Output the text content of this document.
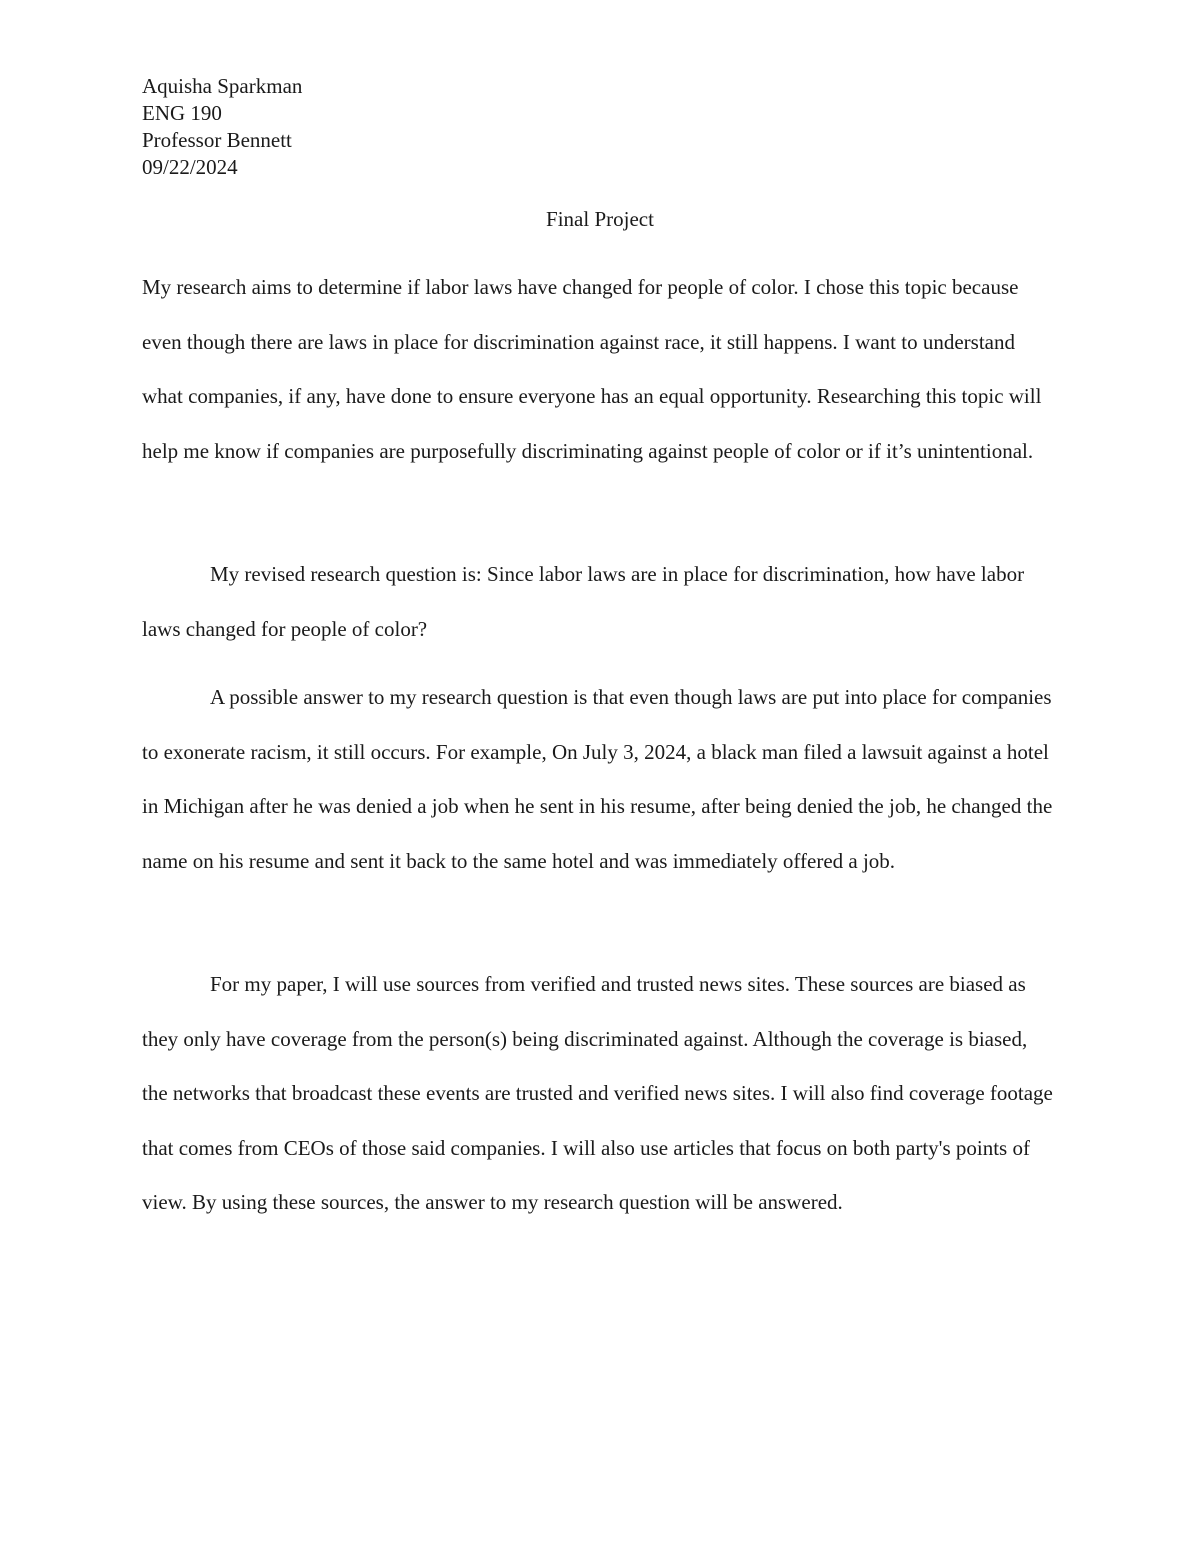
Aquisha Sparkman
ENG 190
Professor Bennett
09/22/2024
Final Project

My research aims to determine if labor laws have changed for people of color. I chose this topic because even though there are laws in place for discrimination against race, it still happens. I want to understand what companies, if any, have done to ensure everyone has an equal opportunity. Researching this topic will help me know if companies are purposefully discriminating against people of color or if it’s unintentional.

My revised research question is: Since labor laws are in place for discrimination, how have labor laws changed for people of color?

A possible answer to my research question is that even though laws are put into place for companies to exonerate racism, it still occurs. For example, On July 3, 2024, a black man filed a lawsuit against a hotel in Michigan after he was denied a job when he sent in his resume, after being denied the job, he changed the name on his resume and sent it back to the same hotel and was immediately offered a job.

For my paper, I will use sources from verified and trusted news sites. These sources are biased as they only have coverage from the person(s) being discriminated against. Although the coverage is biased, the networks that broadcast these events are trusted and verified news sites. I will also find coverage footage that comes from CEOs of those said companies. I will also use articles that focus on both party's points of view. By using these sources, the answer to my research question will be answered.
